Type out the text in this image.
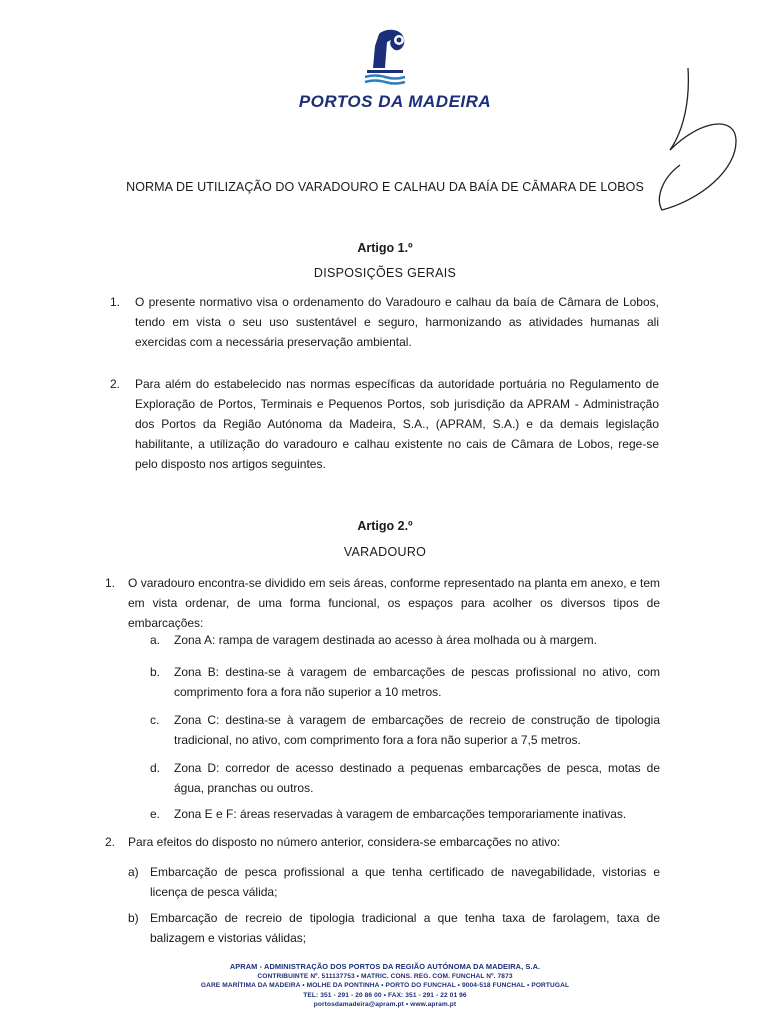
PORTOS DA MADEIRA
NORMA DE UTILIZAÇÃO DO VARADOURO E CALHAU DA BAÍA DE CÂMARA DE LOBOS
Artigo 1.º
DISPOSIÇÕES GERAIS
1. O presente normativo visa o ordenamento do Varadouro e calhau da baía de Câmara de Lobos, tendo em vista o seu uso sustentável e seguro, harmonizando as atividades humanas ali exercidas com a necessária preservação ambiental.
2. Para além do estabelecido nas normas específicas da autoridade portuária no Regulamento de Exploração de Portos, Terminais e Pequenos Portos, sob jurisdição da APRAM - Administração dos Portos da Região Autónoma da Madeira, S.A., (APRAM, S.A.) e da demais legislação habilitante, a utilização do varadouro e calhau existente no cais de Câmara de Lobos, rege-se pelo disposto nos artigos seguintes.
Artigo 2.º
VARADOURO
1. O varadouro encontra-se dividido em seis áreas, conforme representado na planta em anexo, e tem em vista ordenar, de uma forma funcional, os espaços para acolher os diversos tipos de embarcações:
a. Zona A: rampa de varagem destinada ao acesso à área molhada ou à margem.
b. Zona B: destina-se à varagem de embarcações de pescas profissional no ativo, com comprimento fora a fora não superior a 10 metros.
c. Zona C: destina-se à varagem de embarcações de recreio de construção de tipologia tradicional, no ativo, com comprimento fora a fora não superior a 7,5 metros.
d. Zona D: corredor de acesso destinado a pequenas embarcações de pesca, motas de água, pranchas ou outros.
e. Zona E e F: áreas reservadas à varagem de embarcações temporariamente inativas.
2. Para efeitos do disposto no número anterior, considera-se embarcações no ativo:
a) Embarcação de pesca profissional a que tenha certificado de navegabilidade, vistorias e licença de pesca válida;
b) Embarcação de recreio de tipologia tradicional a que tenha taxa de farolagem, taxa de balizagem e vistorias válidas;
APRAM - ADMINISTRAÇÃO DOS PORTOS DA REGIÃO AUTÓNOMA DA MADEIRA, S.A.
CONTRIBUINTE Nº. 511137753 • MATRIC. CONS. REG. COM. FUNCHAL Nº. 7873
GARE MARÍTIMA DA MADEIRA • MOLHE DA PONTINHA • PORTO DO FUNCHAL • 9004-518 FUNCHAL • PORTUGAL
TEL: 351 - 291 - 20 86 00 • FAX: 351 - 291 - 22 01 96
portosdamadeira@apram.pt • www.apram.pt
